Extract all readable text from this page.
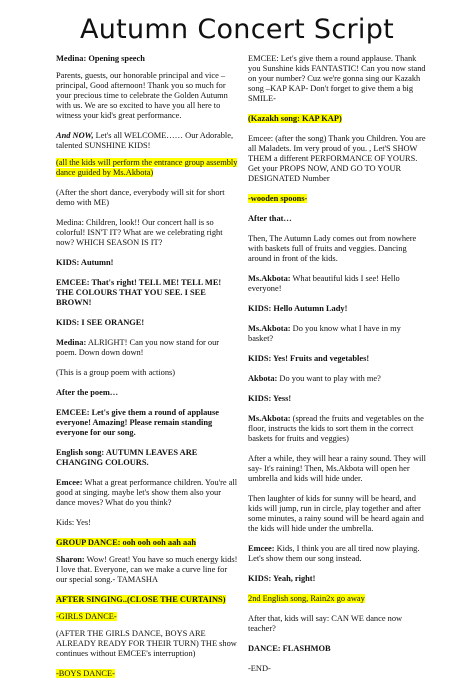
Autumn Concert Script

Medina: Opening speech

Parents, guests, our honorable principal and vice – principal, Good afternoon! Thank you so much for your precious time to celebrate the Golden Autumn with us. We are so excited to have you all here to witness your kid's great performance.

And NOW, Let's all WELCOME…… Our Adorable, talented SUNSHINE KIDS!

(all the kids will perform the entrance group assembly dance guided by Ms.Akbota)

(After the short dance, everybody will sit for short demo with ME)

Medina: Children, look!! Our concert hall is so colorful! ISN'T IT? What are we celebrating right now? WHICH SEASON IS IT?

KIDS: Autumn!

EMCEE: That's right! TELL ME! TELL ME! THE COLOURS THAT YOU SEE. I SEE BROWN!

KIDS: I SEE ORANGE!

Medina: ALRIGHT! Can you now stand for our poem. Down down down!

(This is a group poem with actions)

After the poem…

EMCEE: Let's give them a round of applause everyone! Amazing! Please remain standing everyone for our song.

English song: AUTUMN LEAVES ARE CHANGING COLOURS.

Emcee: What a great performance children. You're all good at singing. maybe let's show them also your dance moves? What do you think?

Kids: Yes!

GROUP DANCE: ooh ooh ooh aah aah

Sharon: Wow! Great! You have so much energy kids! I love that. Everyone, can we make a curve line for our special song.- TAMASHA

AFTER SINGING..(CLOSE THE CURTAINS)

-GIRLS DANCE-

(AFTER THE GIRLS DANCE, BOYS ARE ALREADY READY FOR THEIR TURN) THE show continues without EMCEE's interruption)

-BOYS DANCE-

EMCEE: Let's give them a round applause. Thank you Sunshine kids FANTASTIC! Can you now stand on your number? Cuz we're gonna sing our Kazakh song –KAP KAP- Don't forget to give them a big SMILE-

(Kazakh song: KAP KAP)

Emcee: (after the song) Thank you Children. You are all Maladets. Im very proud of you. , Let'S SHOW THEM a different PERFORMANCE OF YOURS. Get your PROPS NOW, AND GO TO YOUR DESIGNATED Number

-wooden spoons-

After that…

Then, The Autumn Lady comes out from nowhere with baskets full of fruits and veggies. Dancing around in front of the kids.

Ms.Akbota: What beautiful kids I see! Hello everyone!

KIDS: Hello Autumn Lady!

Ms.Akbota: Do you know what I have in my basket?

KIDS: Yes! Fruits and vegetables!

Akbota: Do you want to play with me?

KIDS: Yess!

Ms.Akbota: (spread the fruits and vegetables on the floor, instructs the kids to sort them in the correct baskets for fruits and veggies)

After a while, they will hear a rainy sound. They will say- It's raining! Then, Ms.Akbota will open her umbrella and kids will hide under.

Then laughter of kids for sunny will be heard, and kids will jump, run in circle, play together and after some minutes, a rainy sound will be heard again and the kids will hide under the umbrella.

Emcee: Kids, I think you are all tired now playing. Let's show them our song instead.

KIDS: Yeah, right!

2nd English song, Rain2x go away

After that, kids will say: CAN WE dance now teacher?

DANCE: FLASHMOB

-END-
